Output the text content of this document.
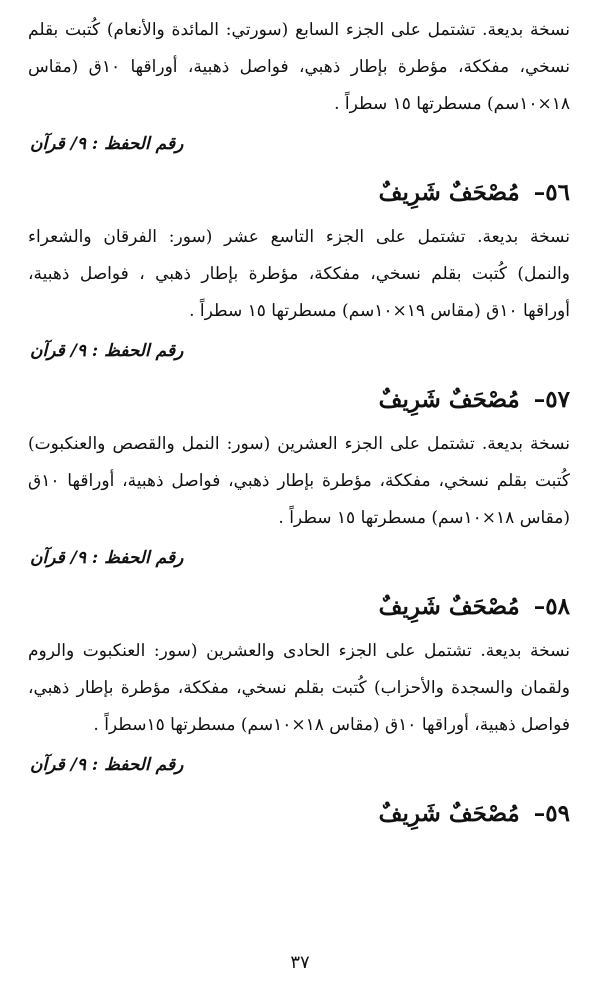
نسخة بديعة. تشتمل على الجزء السابع (سورتي: المائدة والأنعام) كُتبت بقلم نسخي، مفككة، مؤطرة بإطار ذهبي، فواصل ذهبية، أوراقها ١٠ق (مقاس ١٨×١٠سم) مسطرتها ١٥ سطراً .

رقم الحفظ : ٩/ قرآن
٥٦– مُصْحَفٌ شَرِيفٌ

نسخة بديعة. تشتمل على الجزء التاسع عشر (سور: الفرقان والشعراء والنمل) كُتبت بقلم نسخي، مفككة، مؤطرة بإطار ذهبي ، فواصل ذهبية، أوراقها ١٠ق (مقاس ١٩×١٠سم) مسطرتها ١٥ سطراً .

رقم الحفظ : ٩/ قرآن
٥٧– مُصْحَفٌ شَرِيفٌ

نسخة بديعة. تشتمل على الجزء العشرين (سور: النمل والقصص والعنكبوت) كُتبت بقلم نسخي، مفككة، مؤطرة بإطار ذهبي، فواصل ذهبية، أوراقها ١٠ق (مقاس ١٨×١٠سم) مسطرتها ١٥ سطراً .

رقم الحفظ : ٩/ قرآن
٥٨– مُصْحَفٌ شَرِيفٌ

نسخة بديعة. تشتمل على الجزء الحادى والعشرين (سور: العنكبوت والروم ولقمان والسجدة والأحزاب) كُتبت بقلم نسخي، مفككة، مؤطرة بإطار ذهبي، فواصل ذهبية، أوراقها ١٠ق (مقاس ١٨×١٠سم) مسطرتها ١٥سطراً .

رقم الحفظ : ٩/ قرآن
٥٩– مُصْحَفٌ شَرِيفٌ
٣٧
